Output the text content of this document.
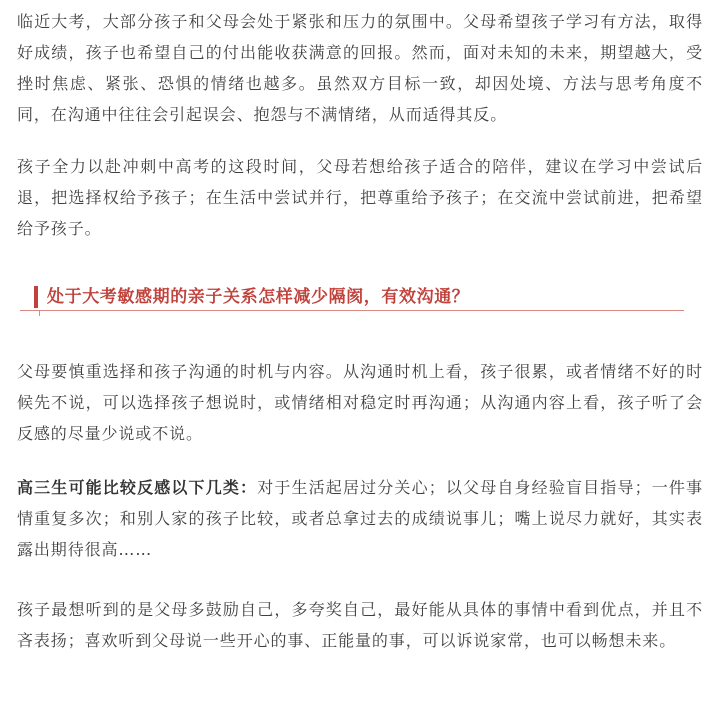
临近大考，大部分孩子和父母会处于紧张和压力的氛围中。父母希望孩子学习有方法，取得好成绩，孩子也希望自己的付出能收获满意的回报。然而，面对未知的未来，期望越大，受挫时焦虑、紧张、恐惧的情绪也越多。虽然双方目标一致，却因处境、方法与思考角度不同，在沟通中往往会引起误会、抱怨与不满情绪，从而适得其反。

孩子全力以赴冲刺中高考的这段时间，父母若想给孩子适合的陪伴，建议在学习中尝试后退，把选择权给予孩子；在生活中尝试并行，把尊重给予孩子；在交流中尝试前进，把希望给予孩子。

处于大考敏感期的亲子关系怎样减少隔阂，有效沟通？

父母要慎重选择和孩子沟通的时机与内容。从沟通时机上看，孩子很累，或者情绪不好的时候先不说，可以选择孩子想说时，或情绪相对稳定时再沟通；从沟通内容上看，孩子听了会反感的尽量少说或不说。

高三生可能比较反感以下几类：对于生活起居过分关心；以父母自身经验盲目指导；一件事情重复多次；和别人家的孩子比较，或者总拿过去的成绩说事儿；嘴上说尽力就好，其实表露出期待很高……

孩子最想听到的是父母多鼓励自己，多夸奖自己，最好能从具体的事情中看到优点，并且不吝表扬；喜欢听到父母说一些开心的事、正能量的事，可以诉说家常，也可以畅想未来。
